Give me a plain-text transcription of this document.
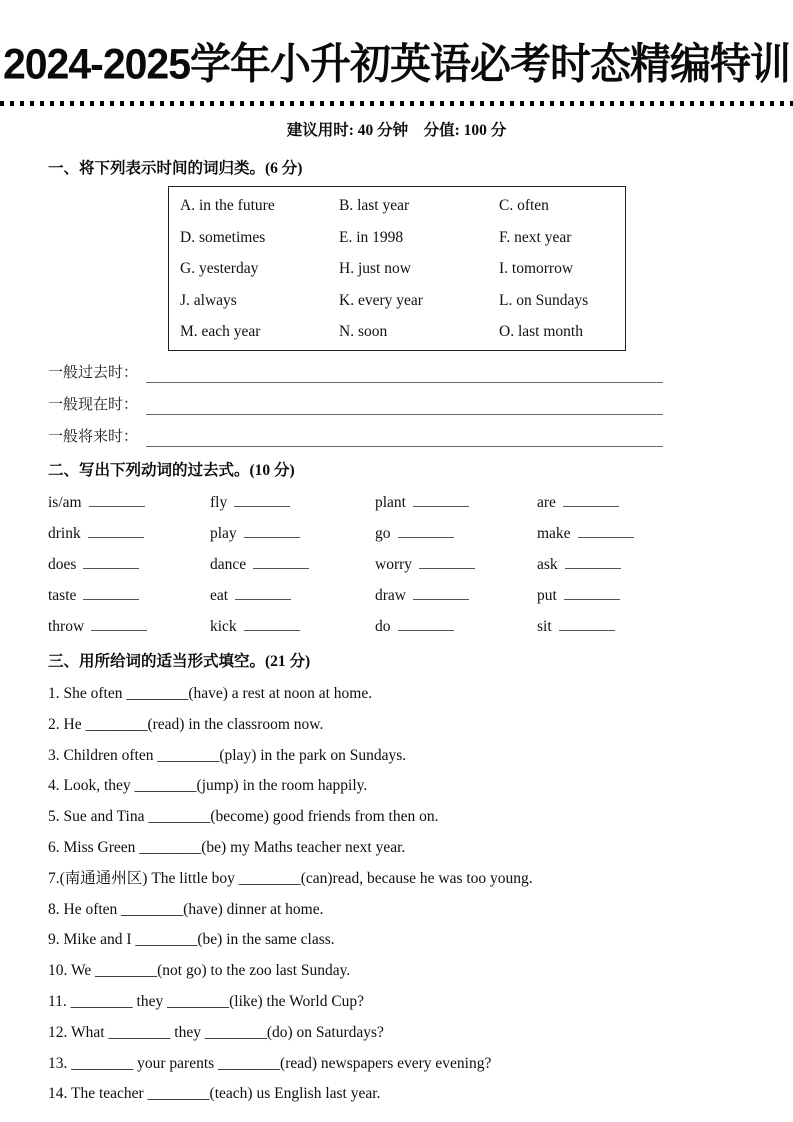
2024-2025学年小升初英语必考时态精编特训
建议用时: 40 分钟　分值: 100 分
一、将下列表示时间的词归类。(6 分)
A. in the future	B. last year	C. often
D. sometimes	E. in 1998	F. next year
G. yesterday	H. just now	I. tomorrow
J. always	K. every year	L. on Sundays
M. each year	N. soon	O. last month
一般过去时：
一般现在时：
一般将来时：
二、写出下列动词的过去式。(10 分)
is/am	fly	plant	are
drink	play	go	make
does	dance	worry	ask
taste	eat	draw	put
throw	kick	do	sit
三、用所给词的适当形式填空。(21 分)
1. She often ________(have) a rest at noon at home.
2. He ________(read) in the classroom now.
3. Children often ________(play) in the park on Sundays.
4. Look, they ________(jump) in the room happily.
5. Sue and Tina ________(become) good friends from then on.
6. Miss Green ________(be) my Maths teacher next year.
7.(南通通州区) The little boy ________(can)read, because he was too young.
8. He often ________(have) dinner at home.
9. Mike and I ________(be) in the same class.
10. We ________(not go) to the zoo last Sunday.
11. ________ they ________(like) the World Cup?
12. What ________ they ________(do) on Saturdays?
13. ________ your parents ________(read) newspapers every evening?
14. The teacher ________(teach) us English last year.
